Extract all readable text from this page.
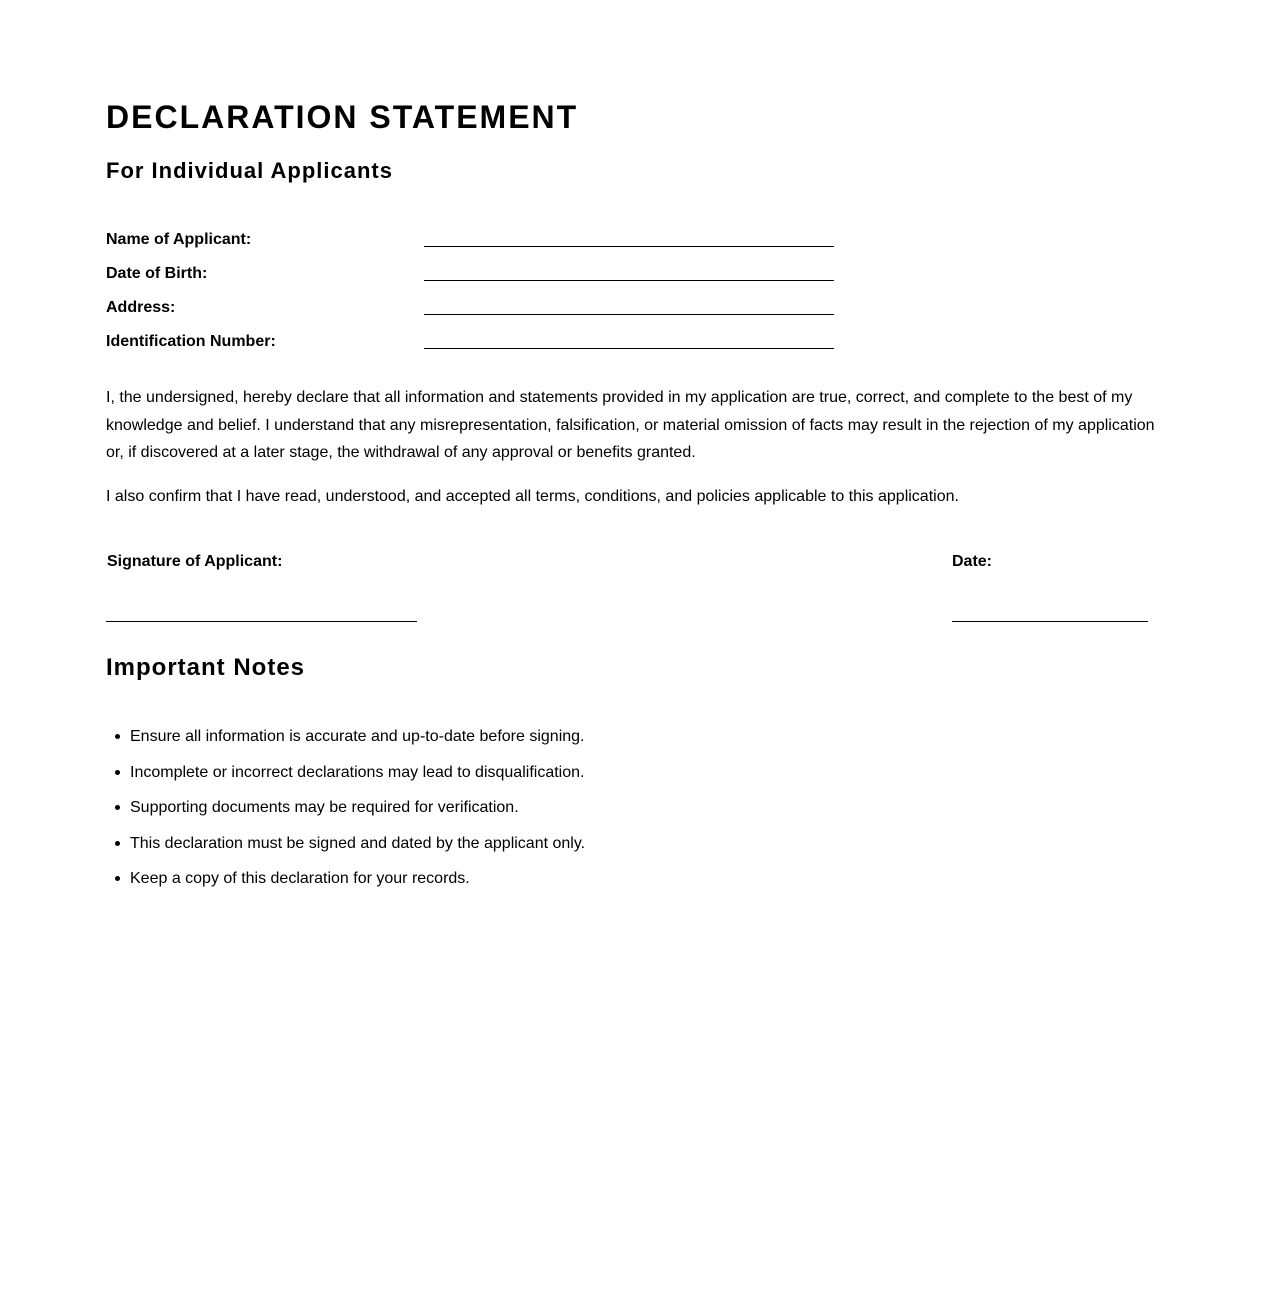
DECLARATION STATEMENT
For Individual Applicants
Name of Applicant:
Date of Birth:
Address:
Identification Number:

I, the undersigned, hereby declare that all information and statements provided in my application are true, correct, and complete to the best of my knowledge and belief. I understand that any misrepresentation, falsification, or material omission of facts may result in the rejection of my application or, if discovered at a later stage, the withdrawal of any approval or benefits granted.

I also confirm that I have read, understood, and accepted all terms, conditions, and policies applicable to this application.

Signature of Applicant:	Date:
Important Notes
Ensure all information is accurate and up-to-date before signing.
Incomplete or incorrect declarations may lead to disqualification.
Supporting documents may be required for verification.
This declaration must be signed and dated by the applicant only.
Keep a copy of this declaration for your records.
